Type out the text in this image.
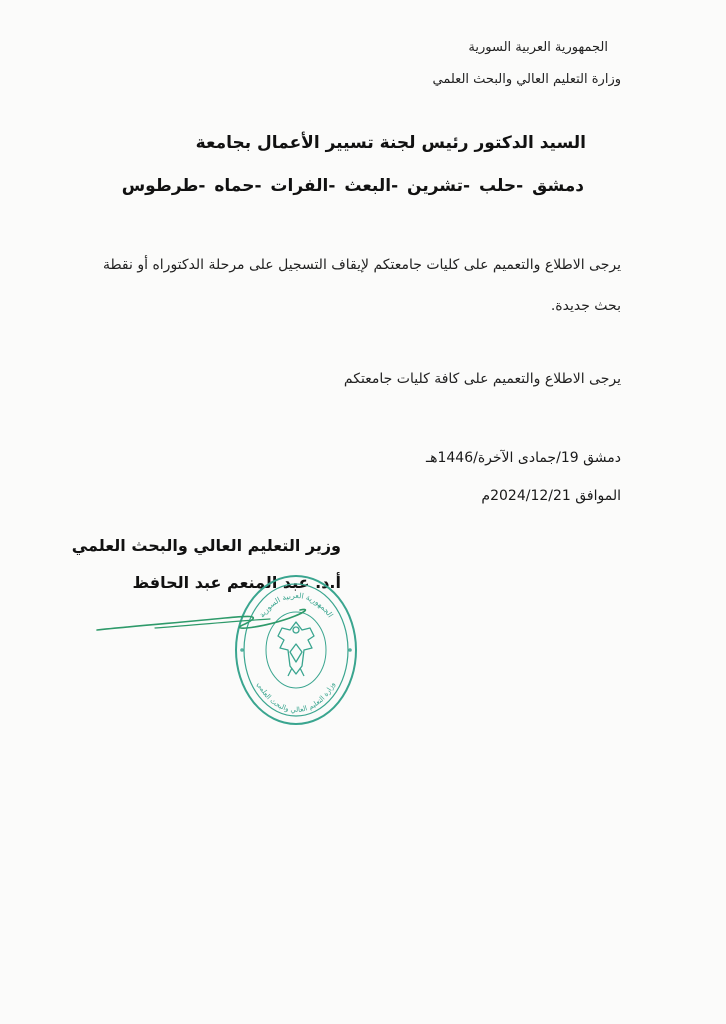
الجمهورية العربية السورية
وزارة التعليم العالي والبحث العلمي
السيد الدكتور رئيس لجنة تسيير الأعمال بجامعة
دمشق -حلب -تشرين -البعث -الفرات -حماه -طرطوس
يرجى الاطلاع والتعميم على كليات جامعتكم لإيقاف التسجيل على مرحلة الدكتوراه أو نقطة
بحث جديدة.
يرجى الاطلاع والتعميم على كافة كليات جامعتكم
دمشق 19/جمادى الآخرة/1446هـ
الموافق 2024/12/21م
وزير التعليم العالي والبحث العلمي
أ.د. عبد المنعم عبد الحافظ
الجمهورية العربية السورية
وزارة التعليم العالي والبحث العلمي
